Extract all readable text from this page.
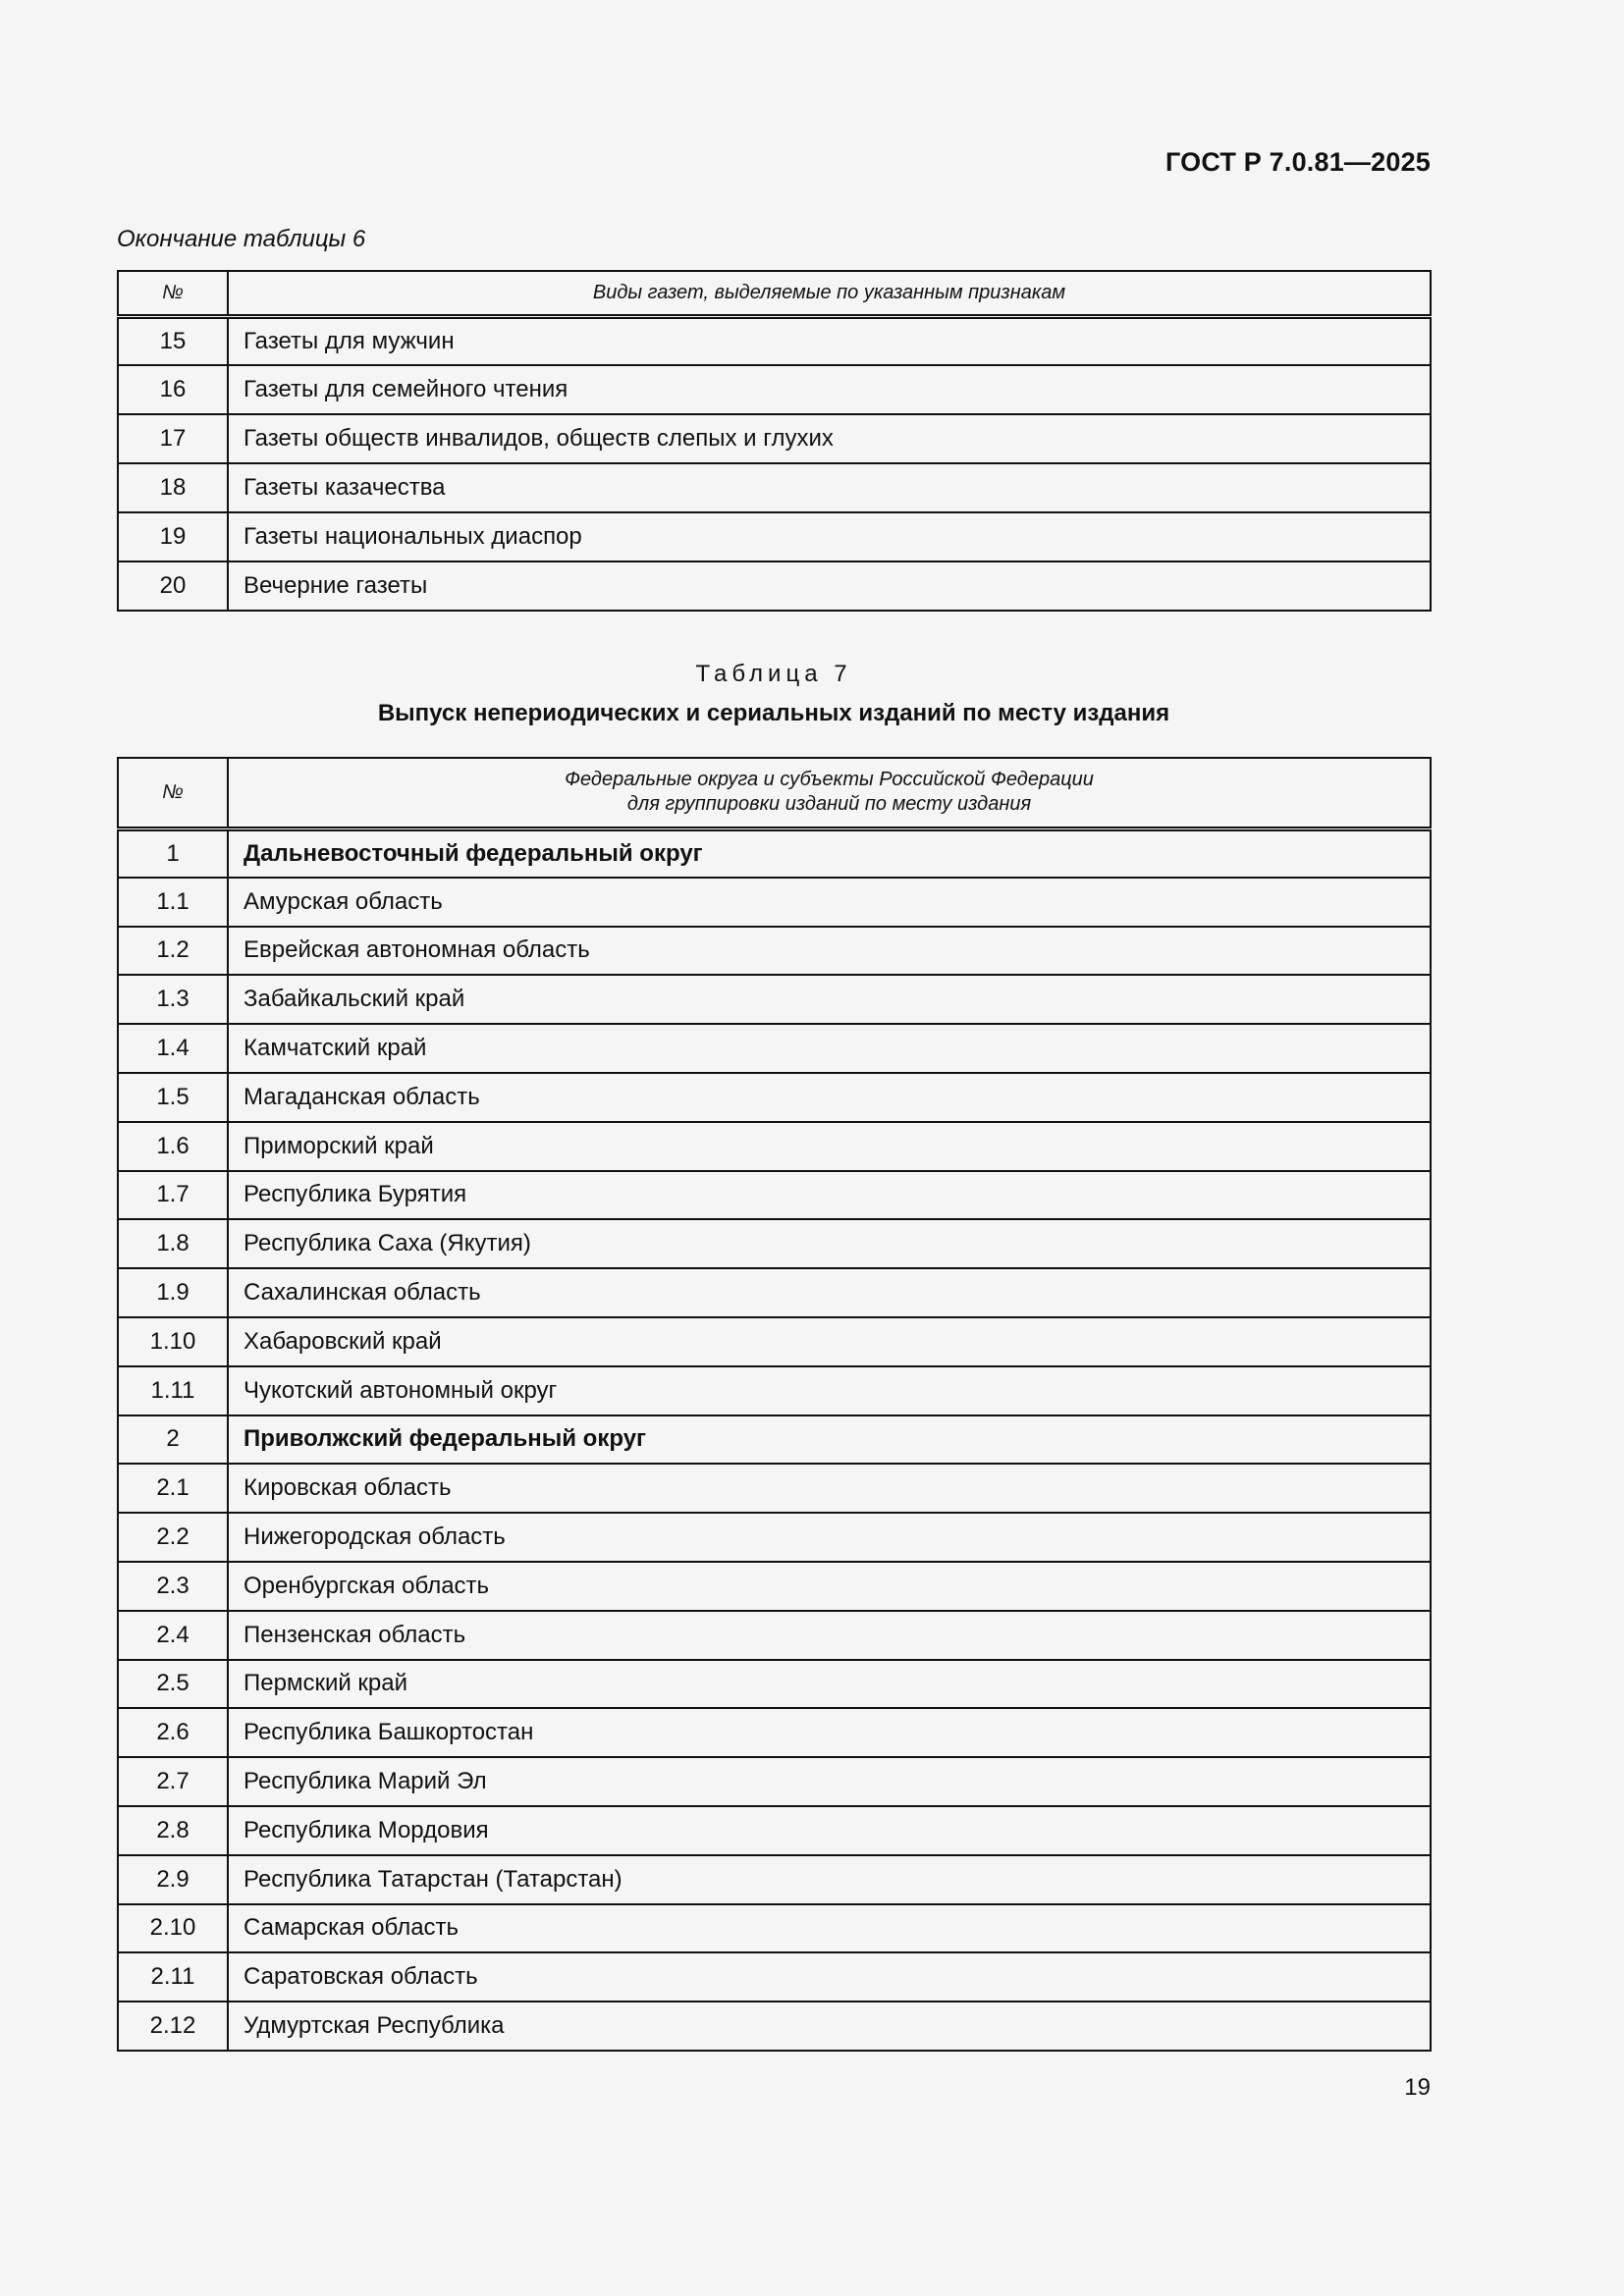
ГОСТ Р 7.0.81—2025
Окончание таблицы 6
№	Виды газет, выделяемые по указанным признакам
15	Газеты для мужчин
16	Газеты для семейного чтения
17	Газеты обществ инвалидов, обществ слепых и глухих
18	Газеты казачества
19	Газеты национальных диаспор
20	Вечерние газеты
Таблица 7
Выпуск непериодических и сериальных изданий по месту издания
№	Федеральные округа и субъекты Российской Федерации
для группировки изданий по месту издания

1	Дальневосточный федеральный округ
1.1	Амурская область
1.2	Еврейская автономная область
1.3	Забайкальский край
1.4	Камчатский край
1.5	Магаданская область
1.6	Приморский край
1.7	Республика Бурятия
1.8	Республика Саха (Якутия)
1.9	Сахалинская область
1.10	Хабаровский край
1.11	Чукотский автономный округ
2	Приволжский федеральный округ
2.1	Кировская область
2.2	Нижегородская область
2.3	Оренбургская область
2.4	Пензенская область
2.5	Пермский край
2.6	Республика Башкортостан
2.7	Республика Марий Эл
2.8	Республика Мордовия
2.9	Республика Татарстан (Татарстан)
2.10	Самарская область
2.11	Саратовская область
2.12	Удмуртская Республика
19
